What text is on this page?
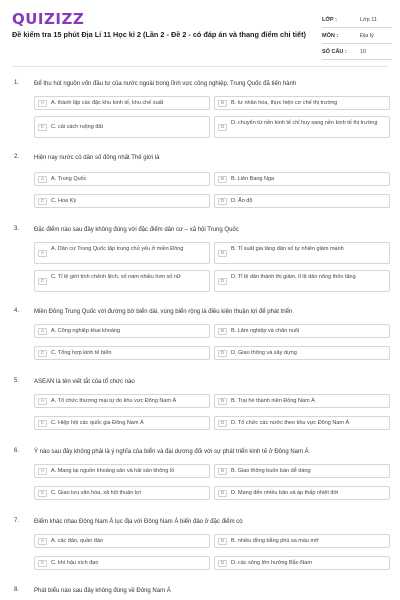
QUIZIZZ
Đề kiểm tra 15 phút Địa Lí 11 Học kì 2 (Lần 2 - Đề 2 - có đáp án và thang điểm chi tiết)
LỚP :	Lớp 11
MÔN :	Địa lý
SỐ CÂU : 10
1. Để thu hút nguồn vốn đầu tư của nước ngoài trong lĩnh vực công nghiệp, Trung Quốc đã tiến hành
A	A. thành lập các đặc khu kinh tế, khu chế xuất	B	B. tư nhân hóa, thực hiện cơ chế thị trường
C	C. cải cách ruộng đất	D
D. chuyển từ nền kinh tế chỉ huy sang nền kinh tế thị trường
2. Hiện nay nước có dân số đông nhất Thế giới là
A	A. Trung Quốc	B	B. Liên Bang Nga
C	C. Hoa Kỳ	D	D. Ấn độ
3. Đặc điểm nào sau đây không đúng với đặc điểm dân cư – xã hội Trung Quốc
A
A. Dân cư Trung Quốc tập trung chủ yếu ở miền Đông
B
B. Tỉ suất gia tăng dân số tự nhiên giảm mạnh
C
C. Tỉ lệ giới tính chênh lệch, số nam nhiều hơn số nữ
D
D. Tỉ lệ dân thành thị giảm, tỉ lệ dân nông thôn tăng
4. Miền Đông Trung Quốc với đường bờ biển dài, vùng biển rộng là điều kiện thuận lợi để phát triển
A	A. Công nghiệp khai khoáng	B	B. Lâm nghiệp và chăn nuôi
C	C. Tổng hợp kinh tế biển	D	D. Giao thông và xây dựng
5. ASEAN là tên viết tắt của tổ chức nào
A	A. Tổ chức thương mại tự do khu vực Đông Nam Á	B	B. Trại hè thanh niên Đông Nam Á
C	C. Hiệp hội các quốc gia Đông Nam Á	D	D. Tổ chức các nước theo khu vực Đông Nam Á
6. Ý nào sau đây không phải là ý nghĩa của biển và đại dương đối với sự phát triển kinh tế ở Đông Nam Á
A	A. Mang lại nguồn khoáng sản và hải sản không lồ	B	B. Giao thông buôn bán dễ dàng
C	C. Giao lưu văn hóa, xã hội thuận lợi	D	D. Mang đến nhiều bão và áp thấp nhiệt đới
7. Điểm khác nhau Đông Nam Á lục địa với Đông Nam Á biển đảo ở đặc điểm có
A	A. các đảo, quần đảo	B	B. nhiều đồng bằng phù sa màu mỡ
C	C. khí hậu xích đạo	D	D. các sông lớn hướng Bắc-Nam
8. Phát biểu nào sau đây không đúng về Đông Nam Á
